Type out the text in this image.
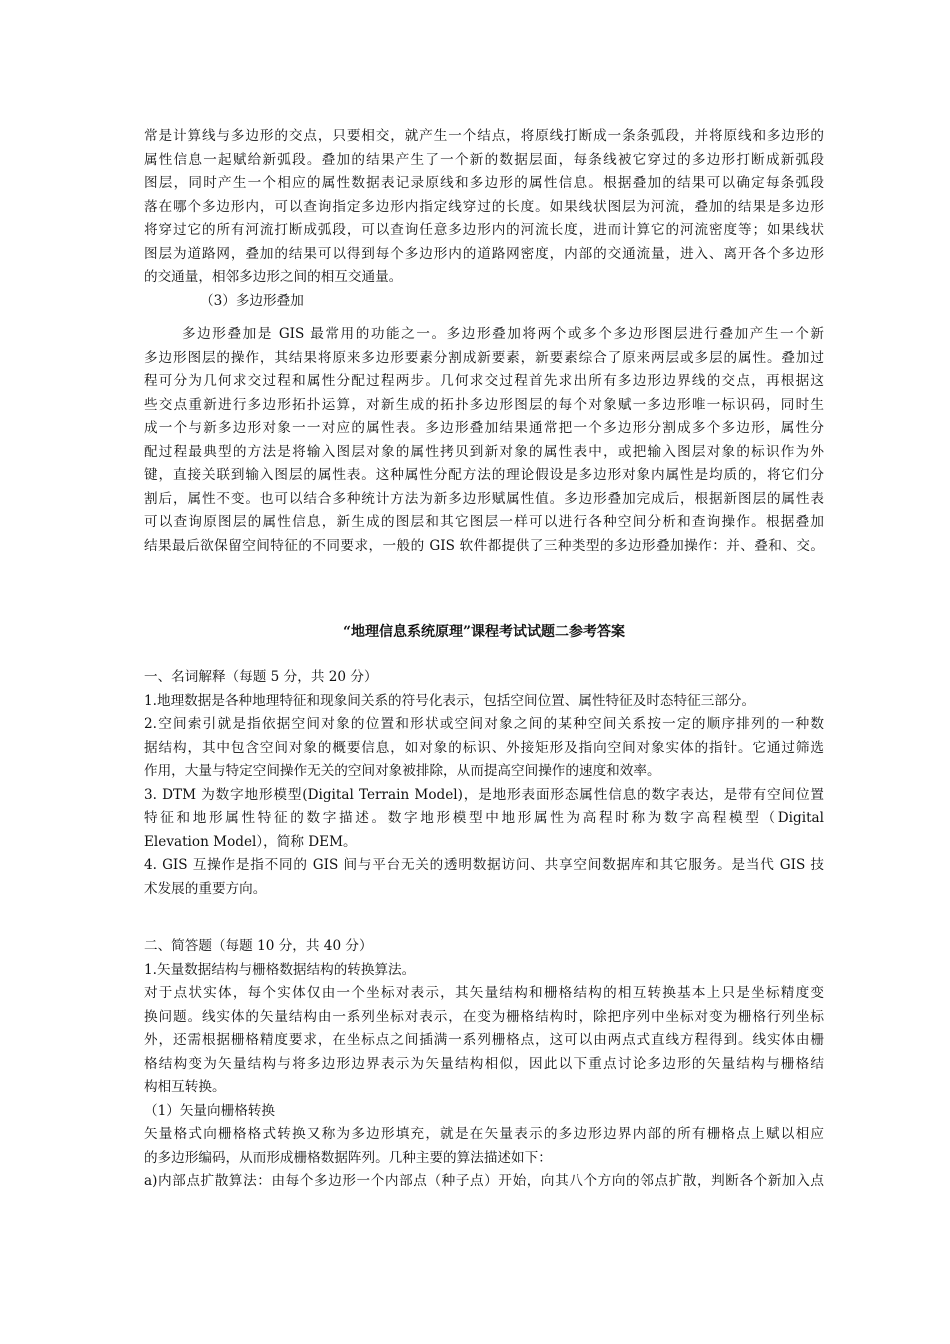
常是计算线与多边形的交点，只要相交，就产生一个结点，将原线打断成一条条弧段，并将原线和多边形的
属性信息一起赋给新弧段。叠加的结果产生了一个新的数据层面，每条线被它穿过的多边形打断成新弧段
图层，同时产生一个相应的属性数据表记录原线和多边形的属性信息。根据叠加的结果可以确定每条弧段
落在哪个多边形内，可以查询指定多边形内指定线穿过的长度。如果线状图层为河流，叠加的结果是多边形
将穿过它的所有河流打断成弧段，可以查询任意多边形内的河流长度，进而计算它的河流密度等；如果线状
图层为道路网，叠加的结果可以得到每个多边形内的道路网密度，内部的交通流量，进入、离开各个多边形
的交通量，相邻多边形之间的相互交通量。
（3）多边形叠加
多边形叠加是 GIS 最常用的功能之一。多边形叠加将两个或多个多边形图层进行叠加产生一个新
多边形图层的操作，其结果将原来多边形要素分割成新要素，新要素综合了原来两层或多层的属性。叠加过
程可分为几何求交过程和属性分配过程两步。几何求交过程首先求出所有多边形边界线的交点，再根据这
些交点重新进行多边形拓扑运算，对新生成的拓扑多边形图层的每个对象赋一多边形唯一标识码，同时生
成一个与新多边形对象一一对应的属性表。多边形叠加结果通常把一个多边形分割成多个多边形，属性分
配过程最典型的方法是将输入图层对象的属性拷贝到新对象的属性表中，或把输入图层对象的标识作为外
键，直接关联到输入图层的属性表。这种属性分配方法的理论假设是多边形对象内属性是均质的，将它们分
割后，属性不变。也可以结合多种统计方法为新多边形赋属性值。多边形叠加完成后，根据新图层的属性表
可以查询原图层的属性信息，新生成的图层和其它图层一样可以进行各种空间分析和查询操作。根据叠加
结果最后欲保留空间特征的不同要求，一般的 GIS 软件都提供了三种类型的多边形叠加操作：并、叠和、交。
“地理信息系统原理”课程考试试题二参考答案
一、名词解释（每题 5 分，共 20 分）
1.地理数据是各种地理特征和现象间关系的符号化表示，包括空间位置、属性特征及时态特征三部分。
2.空间索引就是指依据空间对象的位置和形状或空间对象之间的某种空间关系按一定的顺序排列的一种数
据结构，其中包含空间对象的概要信息，如对象的标识、外接矩形及指向空间对象实体的指针。它通过筛选
作用，大量与特定空间操作无关的空间对象被排除，从而提高空间操作的速度和效率。
3. DTM 为数字地形模型(Digital Terrain Model)，是地形表面形态属性信息的数字表达，是带有空间位置
特征和地形属性特征的数字描述。数字地形模型中地形属性为高程时称为数字高程模型（Digital
Elevation Model），简称 DEM。
4. GIS 互操作是指不同的 GIS 间与平台无关的透明数据访问、共享空间数据库和其它服务。是当代 GIS 技
术发展的重要方向。
二、简答题（每题 10 分，共 40 分）
1.矢量数据结构与栅格数据结构的转换算法。
对于点状实体，每个实体仅由一个坐标对表示，其矢量结构和栅格结构的相互转换基本上只是坐标精度变
换问题。线实体的矢量结构由一系列坐标对表示，在变为栅格结构时，除把序列中坐标对变为栅格行列坐标
外，还需根据栅格精度要求，在坐标点之间插满一系列栅格点，这可以由两点式直线方程得到。线实体由栅
格结构变为矢量结构与将多边形边界表示为矢量结构相似，因此以下重点讨论多边形的矢量结构与栅格结
构相互转换。
（1）矢量向栅格转换
矢量格式向栅格格式转换又称为多边形填充，就是在矢量表示的多边形边界内部的所有栅格点上赋以相应
的多边形编码，从而形成栅格数据阵列。几种主要的算法描述如下：
a)内部点扩散算法：由每个多边形一个内部点（种子点）开始，向其八个方向的邻点扩散，判断各个新加入点
